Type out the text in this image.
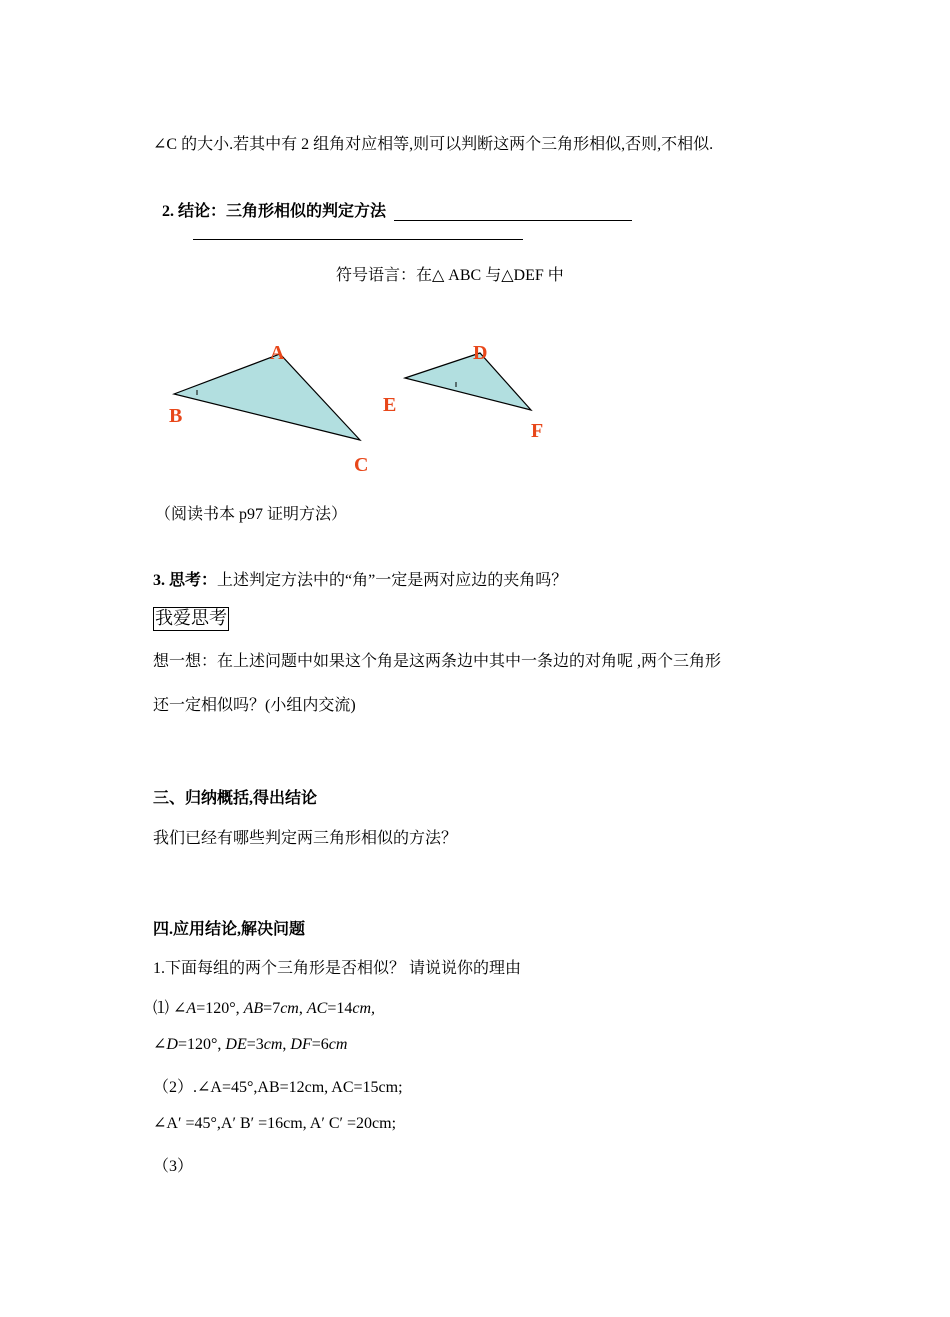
∠C 的大小.若其中有 2 组角对应相等,则可以判断这两个三角形相似,否则,不相似.
2. 结论：三角形相似的判定方法
符号语言：在△ ABC 与△DEF 中
A
B
C
D
E
F
（阅读书本 p97 证明方法）
3. 思考：上述判定方法中的“角”一定是两对应边的夹角吗？
我爱思考
想一想：在上述问题中如果这个角是这两条边中其中一条边的对角呢 ,两个三角形
还一定相似吗？(小组内交流)
三、归纳概括,得出结论
我们已经有哪些判定两三角形相似的方法？
四.应用结论,解决问题
1.下面每组的两个三角形是否相似？ 请说说你的理由
⑴ ∠A=120°, AB=7cm, AC=14cm,
∠D=120°, DE=3cm, DF=6cm
（2）.∠A=45°,AB=12cm, AC=15cm;
∠A′ =45°,A′ B′ =16cm, A′ C′ =20cm;
（3）
